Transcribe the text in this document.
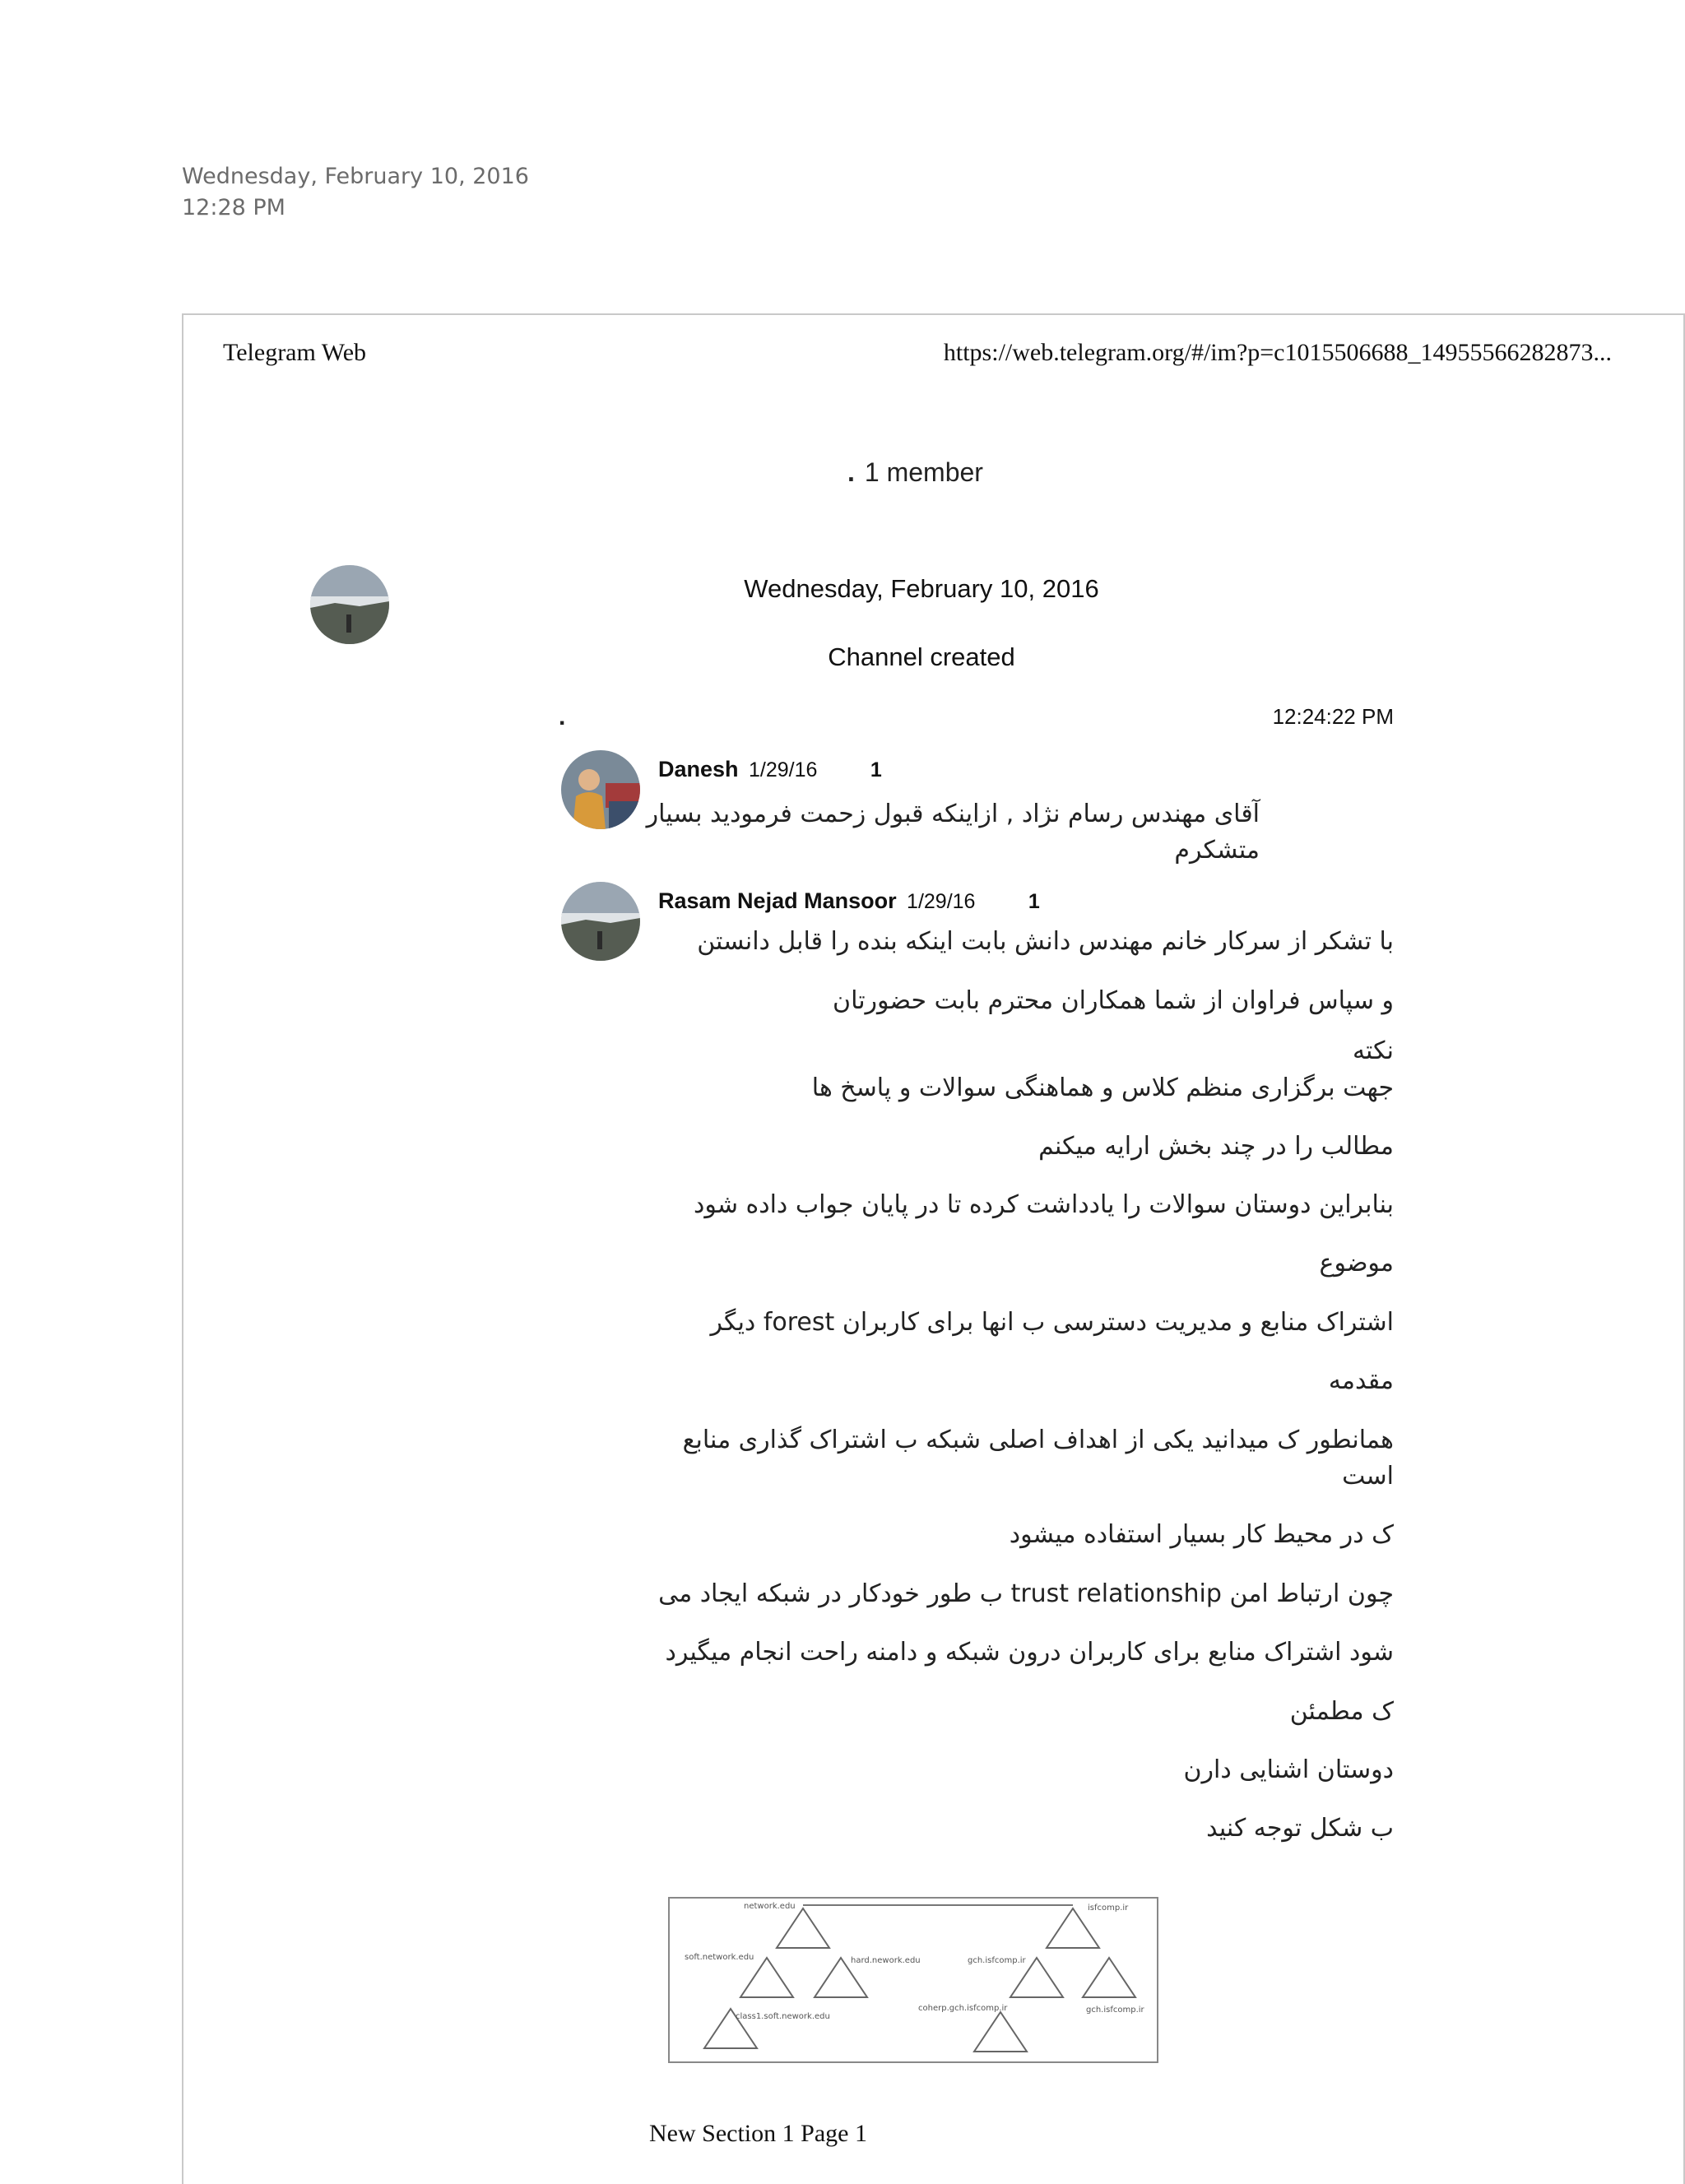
Wednesday, February 10, 2016
12:28 PM
Telegram Web	https://web.telegram.org/#/im?p=c1015506688_14955566282873...
. 1 member
Wednesday, February 10, 2016
Channel created
.	12:24:22 PM
Danesh 1/29/16	1
آقای مهندس رسام نژاد , ازاینکه قبول زحمت فرمودید بسیار
متشکرم
Rasam Nejad Mansoor 1/29/16	1
با تشکر از سرکار خانم مهندس دانش بابت اینکه بنده را قابل دانستن
و سپاس فراوان از شما همکاران محترم بابت حضورتان
نکته
جهت برگزاری منظم کلاس و هماهنگی سوالات و پاسخ ها
مطالب را در چند بخش ارایه میکنم
بنابراین دوستان سوالات را یادداشت کرده تا در پایان جواب داده شود
موضوع
اشتراک منابع و مدیریت دسترسی ب انها برای کاربران forest دیگر
مقدمه
همانطور ک میدانید یکی از اهداف اصلی شبکه ب اشتراک گذاری منابع
است
ک در محیط کار بسیار استفاده میشود
چون ارتباط امن trust relationship ب طور خودکار در شبکه ایجاد می
شود اشتراک منابع برای کاربران درون شبکه و دامنه راحت انجام میگیرد
ک مطمئن
دوستان اشنایی دارن
ب شکل توجه کنید
network.edu	isfcomp.ir
soft.network.edu	hard.nework.edu	gch.isfcomp.ir
class1.soft.nework.edu
coherp.gch.isfcomp.ir	gch.isfcomp.ir
New Section 1 Page 1
